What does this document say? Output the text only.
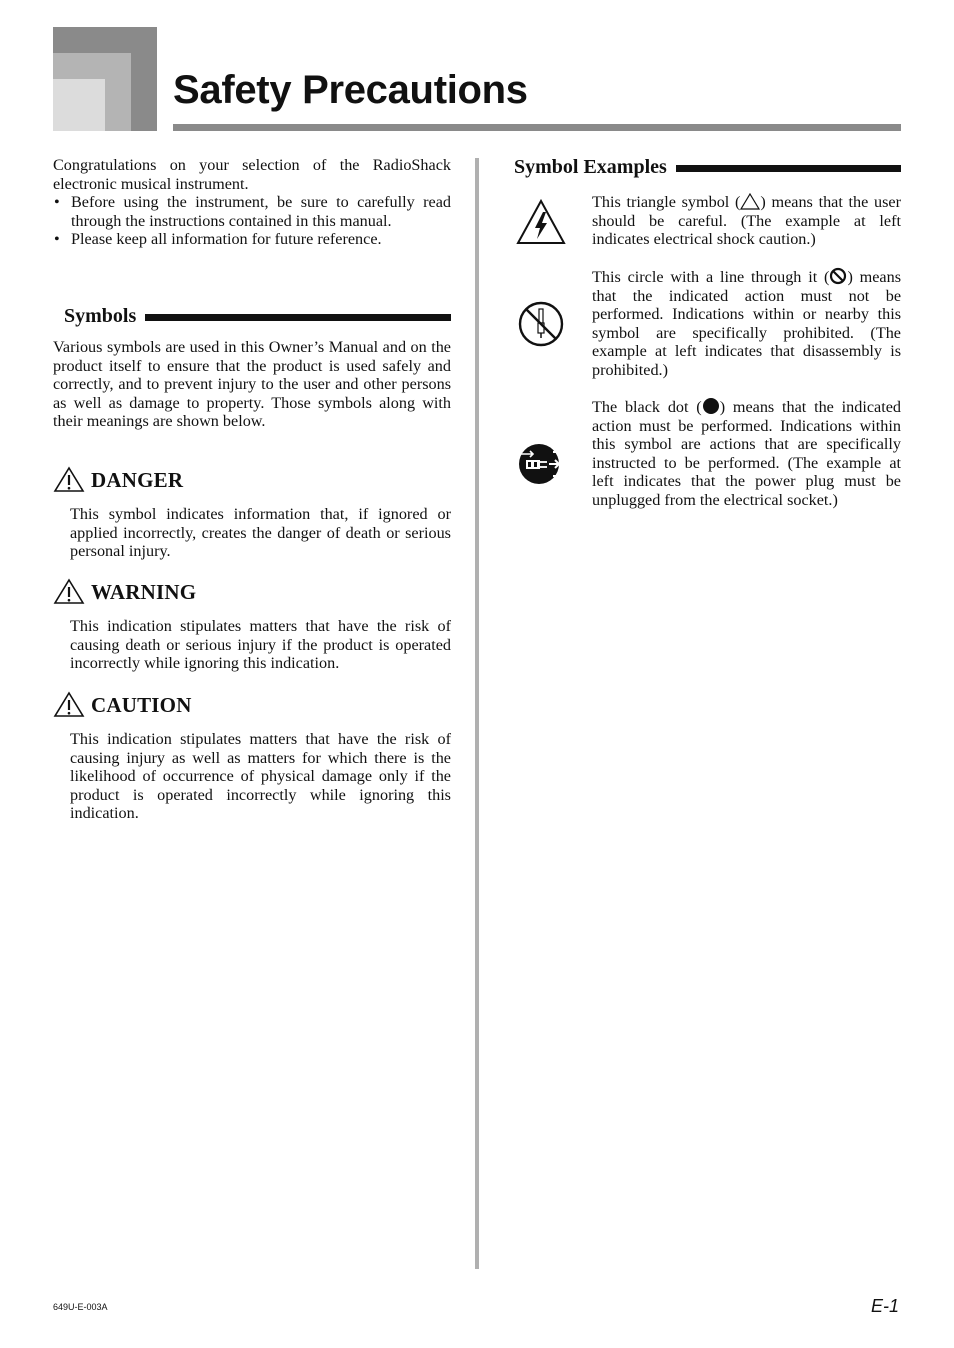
Safety Precautions

Congratulations on your selection of the RadioShack electronic musical instrument.

• Before using the instrument, be sure to carefully read through the instructions contained in this manual.
• Please keep all information for future reference.
Symbols

Various symbols are used in this Owner’s Manual and on the product itself to ensure that the product is used safely and correctly, and to prevent injury to the user and other persons as well as damage to property. Those symbols along with their meanings are shown below.

DANGER

This symbol indicates information that, if ignored or applied incorrectly, creates the danger of death or serious personal injury.

WARNING

This indication stipulates matters that have the risk of causing death or serious injury if the product is operated incorrectly while ignoring this indication.

CAUTION

This indication stipulates matters that have the risk of causing injury as well as matters for which there is the likelihood of occurrence of physical damage only if the product is operated incorrectly while ignoring this indication.

Symbol Examples

This triangle symbol ( ) means that the user should be careful. (The example at left indicates electrical shock caution.)

This circle with a line through it ( ) means that the indicated action must not be performed. Indications within or nearby this symbol are specifically prohibited. (The example at left indicates that disassembly is prohibited.)

The black dot ( ) means that the indicated action must be performed. Indications within this symbol are actions that are specifically instructed to be performed. (The example at left indicates that the power plug must be unplugged from the electrical socket.)

649U-E-003A	E-1
